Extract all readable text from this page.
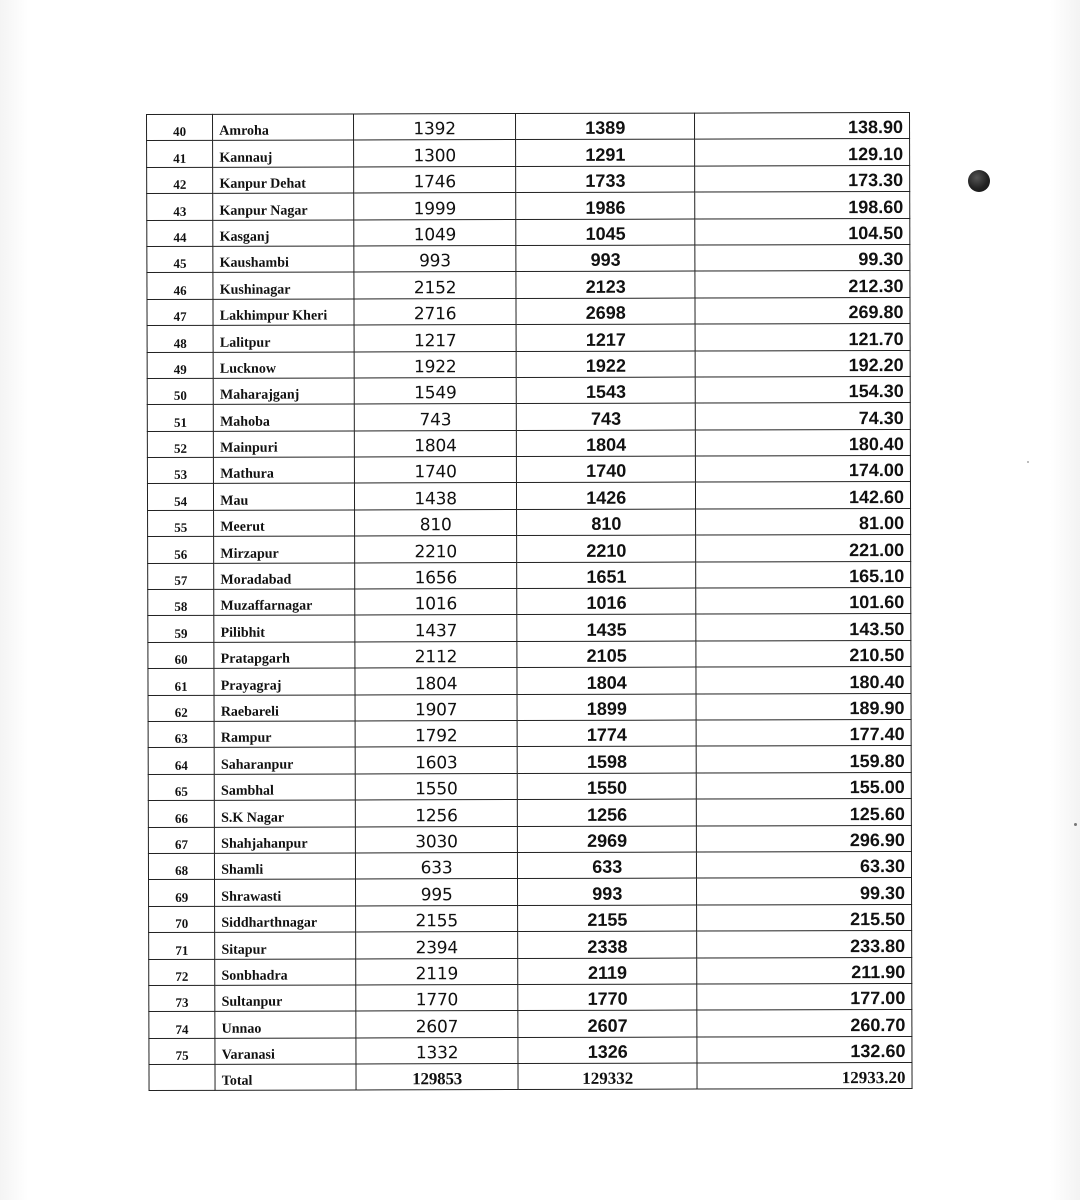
40	Amroha	1392	1389	138.90
41	Kannauj	1300	1291	129.10
42	Kanpur Dehat	1746	1733	173.30
43	Kanpur Nagar	1999	1986	198.60
44	Kasganj	1049	1045	104.50
45	Kaushambi	993	993	99.30
46	Kushinagar	2152	2123	212.30
47	Lakhimpur Kheri	2716	2698	269.80
48	Lalitpur	1217	1217	121.70
49	Lucknow	1922	1922	192.20
50	Maharajganj	1549	1543	154.30
51	Mahoba	743	743	74.30
52	Mainpuri	1804	1804	180.40
53	Mathura	1740	1740	174.00
54	Mau	1438	1426	142.60
55	Meerut	810	810	81.00
56	Mirzapur	2210	2210	221.00
57	Moradabad	1656	1651	165.10
58	Muzaffarnagar	1016	1016	101.60
59	Pilibhit	1437	1435	143.50
60	Pratapgarh	2112	2105	210.50
61	Prayagraj	1804	1804	180.40
62	Raebareli	1907	1899	189.90
63	Rampur	1792	1774	177.40
64	Saharanpur	1603	1598	159.80
65	Sambhal	1550	1550	155.00
66	S.K Nagar	1256	1256	125.60
67	Shahjahanpur	3030	2969	296.90
68	Shamli	633	633	63.30
69	Shrawasti	995	993	99.30
70	Siddharthnagar	2155	2155	215.50
71	Sitapur	2394	2338	233.80
72	Sonbhadra	2119	2119	211.90
73	Sultanpur	1770	1770	177.00
74	Unnao	2607	2607	260.70
75	Varanasi	1332	1326	132.60
	Total	129853	129332	12933.20
